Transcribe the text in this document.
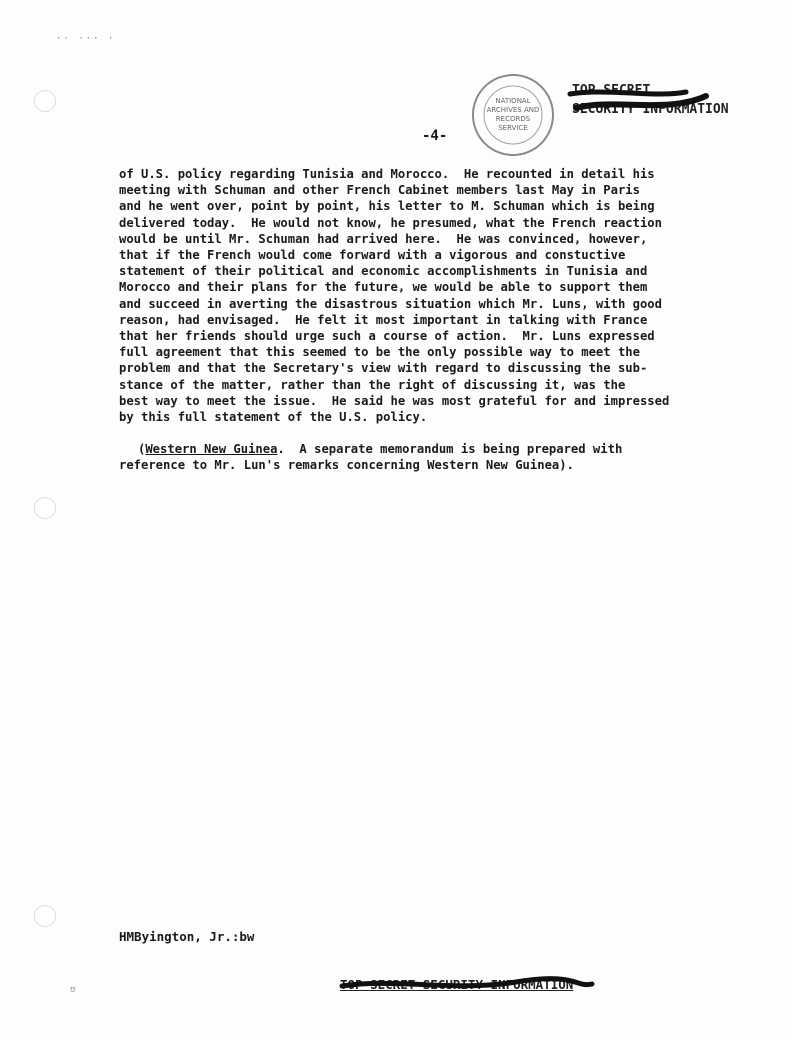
·· ··· ·
NATIONAL
ARCHIVES AND
RECORDS
SERVICE
TOP SECRET
SECURITY INFORMATION
-4-

of U.S. policy regarding Tunisia and Morocco.  He recounted in detail his
meeting with Schuman and other French Cabinet members last May in Paris
and he went over, point by point, his letter to M. Schuman which is being
delivered today.  He would not know, he presumed, what the French reaction
would be until Mr. Schuman had arrived here.  He was convinced, however,
that if the French would come forward with a vigorous and constuctive
statement of their political and economic accomplishments in Tunisia and
Morocco and their plans for the future, we would be able to support them
and succeed in averting the disastrous situation which Mr. Luns, with good
reason, had envisaged.  He felt it most important in talking with France
that her friends should urge such a course of action.  Mr. Luns expressed
full agreement that this seemed to be the only possible way to meet the
problem and that the Secretary's view with regard to discussing the sub-
stance of the matter, rather than the right of discussing it, was the
best way to meet the issue.  He said he was most grateful for and impressed
by this full statement of the U.S. policy.

(Western New Guinea.  A separate memorandum is being prepared with
reference to Mr. Lun's remarks concerning Western New Guinea).

HMByington, Jr.:bw
TOP SECRET SECURITY INFORMATION
ʊ
